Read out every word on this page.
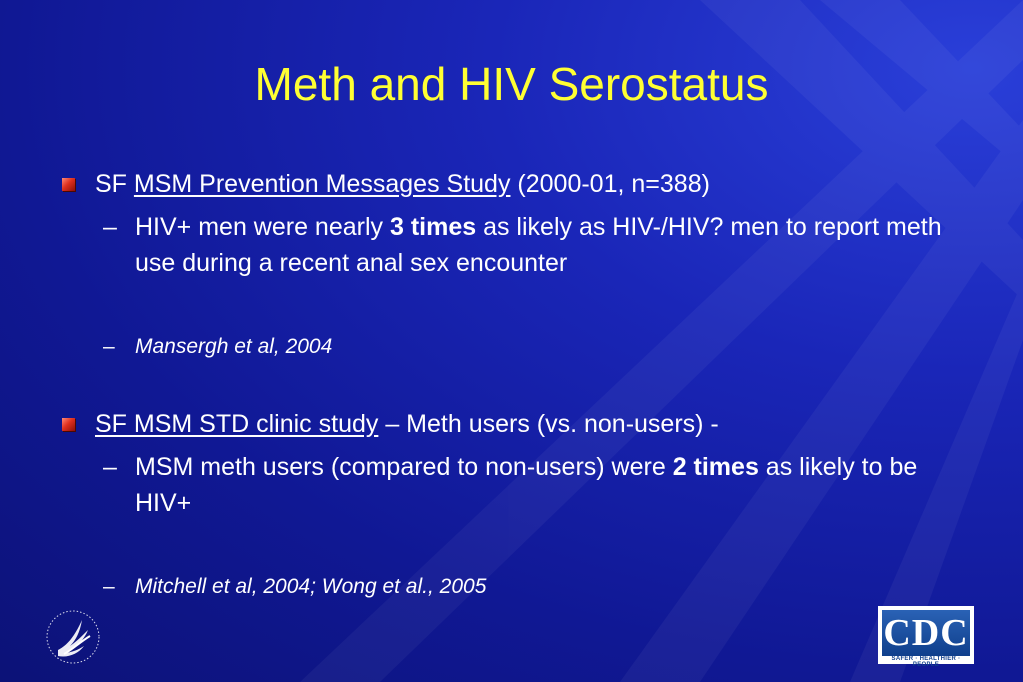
Meth and HIV Serostatus
SF MSM Prevention Messages Study (2000-01, n=388)
– HIV+ men were nearly 3 times as likely as HIV-/HIV? men to report meth use during a recent anal sex encounter
– Mansergh et al, 2004
SF MSM STD clinic study – Meth users (vs. non-users) -
– MSM meth users (compared to non-users) were 2 times as likely to be HIV+
– Mitchell et al, 2004; Wong et al., 2005
CDC
SAFER · HEALTHIER · PEOPLE
